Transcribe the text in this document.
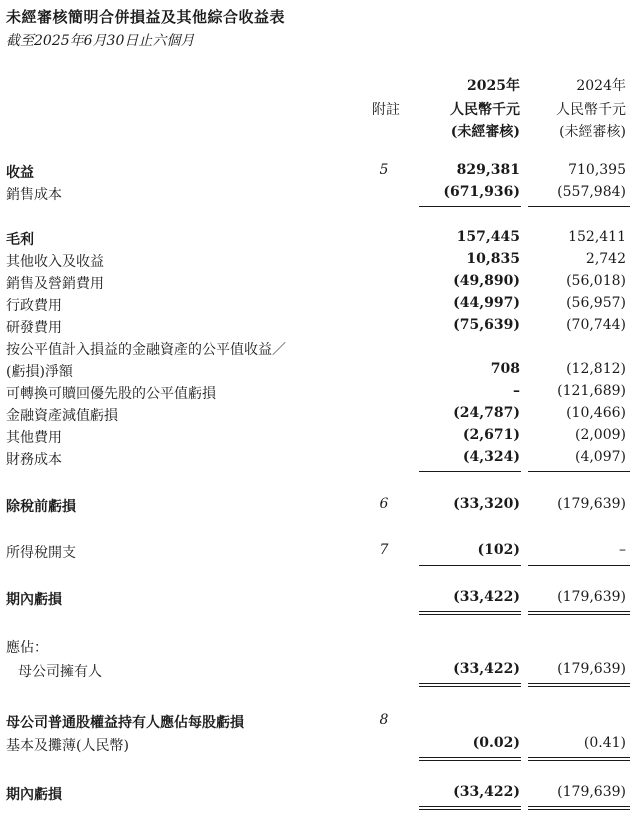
未經審核簡明合併損益及其他綜合收益表
截至2025年6月30日止六個月
附註
2025年
人民幣千元
(未經審核)
2024年
人民幣千元
(未經審核)
收益	5	829,381	710,395
銷售成本	(671,936)	(557,984)
毛利	157,445	152,411
其他收入及收益	10,835	2,742
銷售及營銷費用	(49,890)	(56,018)
行政費用	(44,997)	(56,957)
研發費用	(75,639)	(70,744)
按公平值計入損益的金融資產的公平值收益／
(虧損)淨額	708	(12,812)
可轉換可贖回優先股的公平值虧損	–	(121,689)
金融資產減值虧損	(24,787)	(10,466)
其他費用	(2,671)	(2,009)
財務成本	(4,324)	(4,097)
除稅前虧損	6	(33,320)	(179,639)
所得稅開支	7	(102)	–
期內虧損	(33,422)	(179,639)
應佔：
母公司擁有人	(33,422)	(179,639)
母公司普通股權益持有人應佔每股虧損	8
基本及攤薄(人民幣)	(0.02)	(0.41)
期內虧損	(33,422)	(179,639)
